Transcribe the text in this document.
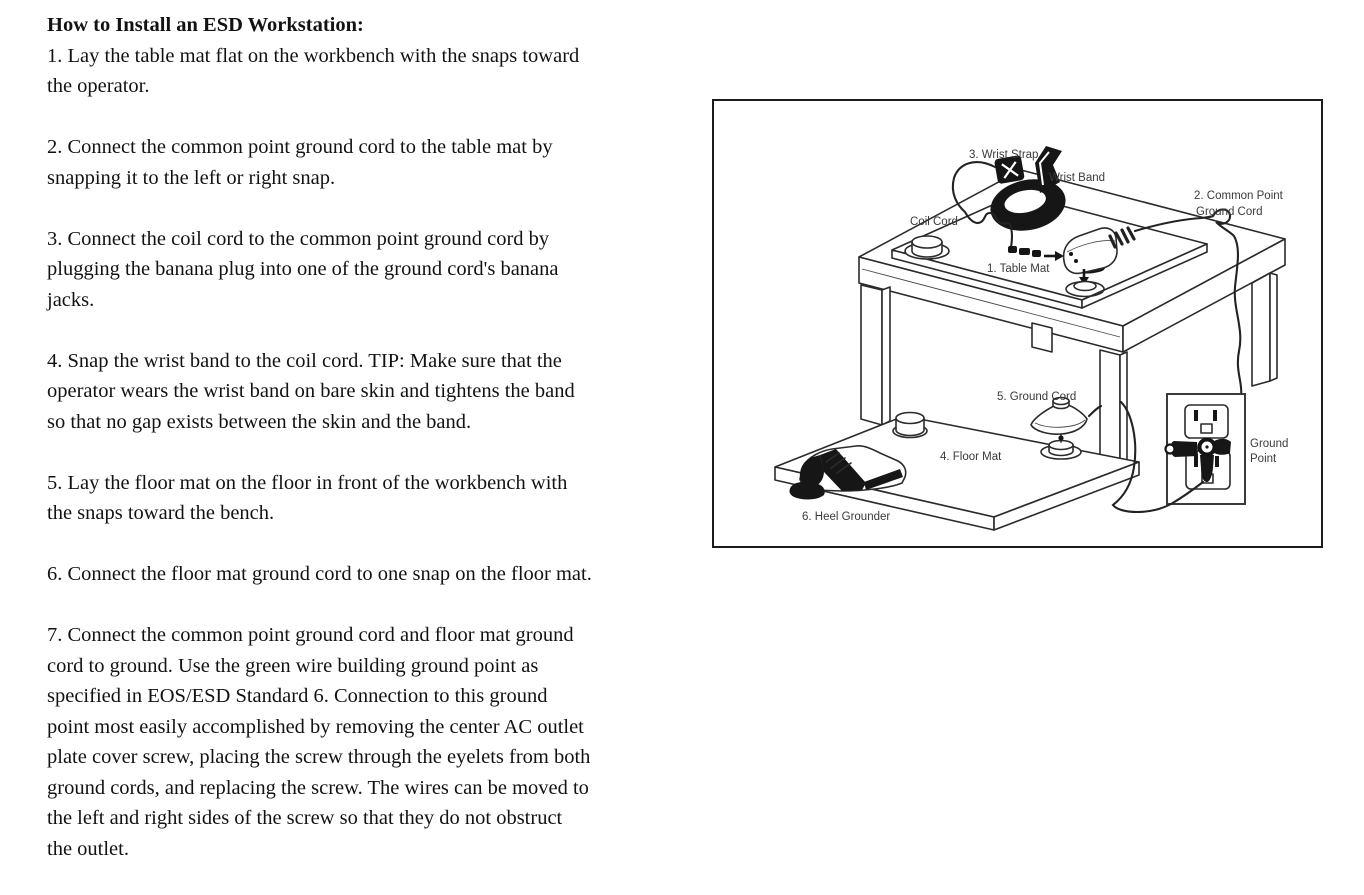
How to Install an ESD Workstation:

1. Lay the table mat flat on the workbench with the snaps toward
the operator.

2. Connect the common point ground cord to the table mat by
snapping it to the left or right snap.

3. Connect the coil cord to the common point ground cord by
plugging the banana plug into one of the ground cord's banana
jacks.

4. Snap the wrist band to the coil cord. TIP: Make sure that the
operator wears the wrist band on bare skin and tightens the band
so that no gap exists between the skin and the band.

5. Lay the floor mat on the floor in front of the workbench with
the snaps toward the bench.

6. Connect the floor mat ground cord to one snap on the floor mat.

7. Connect the common point ground cord and floor mat ground
cord to ground. Use the green wire building ground point as
specified in EOS/ESD Standard 6. Connection to this ground
point most easily accomplished by removing the center AC outlet
plate cover screw, placing the screw through the eyelets from both
ground cords, and replacing the screw. The wires can be moved to
the left and right sides of the screw so that they do not obstruct
the outlet.

3. Wrist Strap
Wrist Band
2. Common Point
Ground Cord
Coil Cord
1. Table Mat
5. Ground Cord
4. Floor Mat
6. Heel Grounder
Ground
Point
